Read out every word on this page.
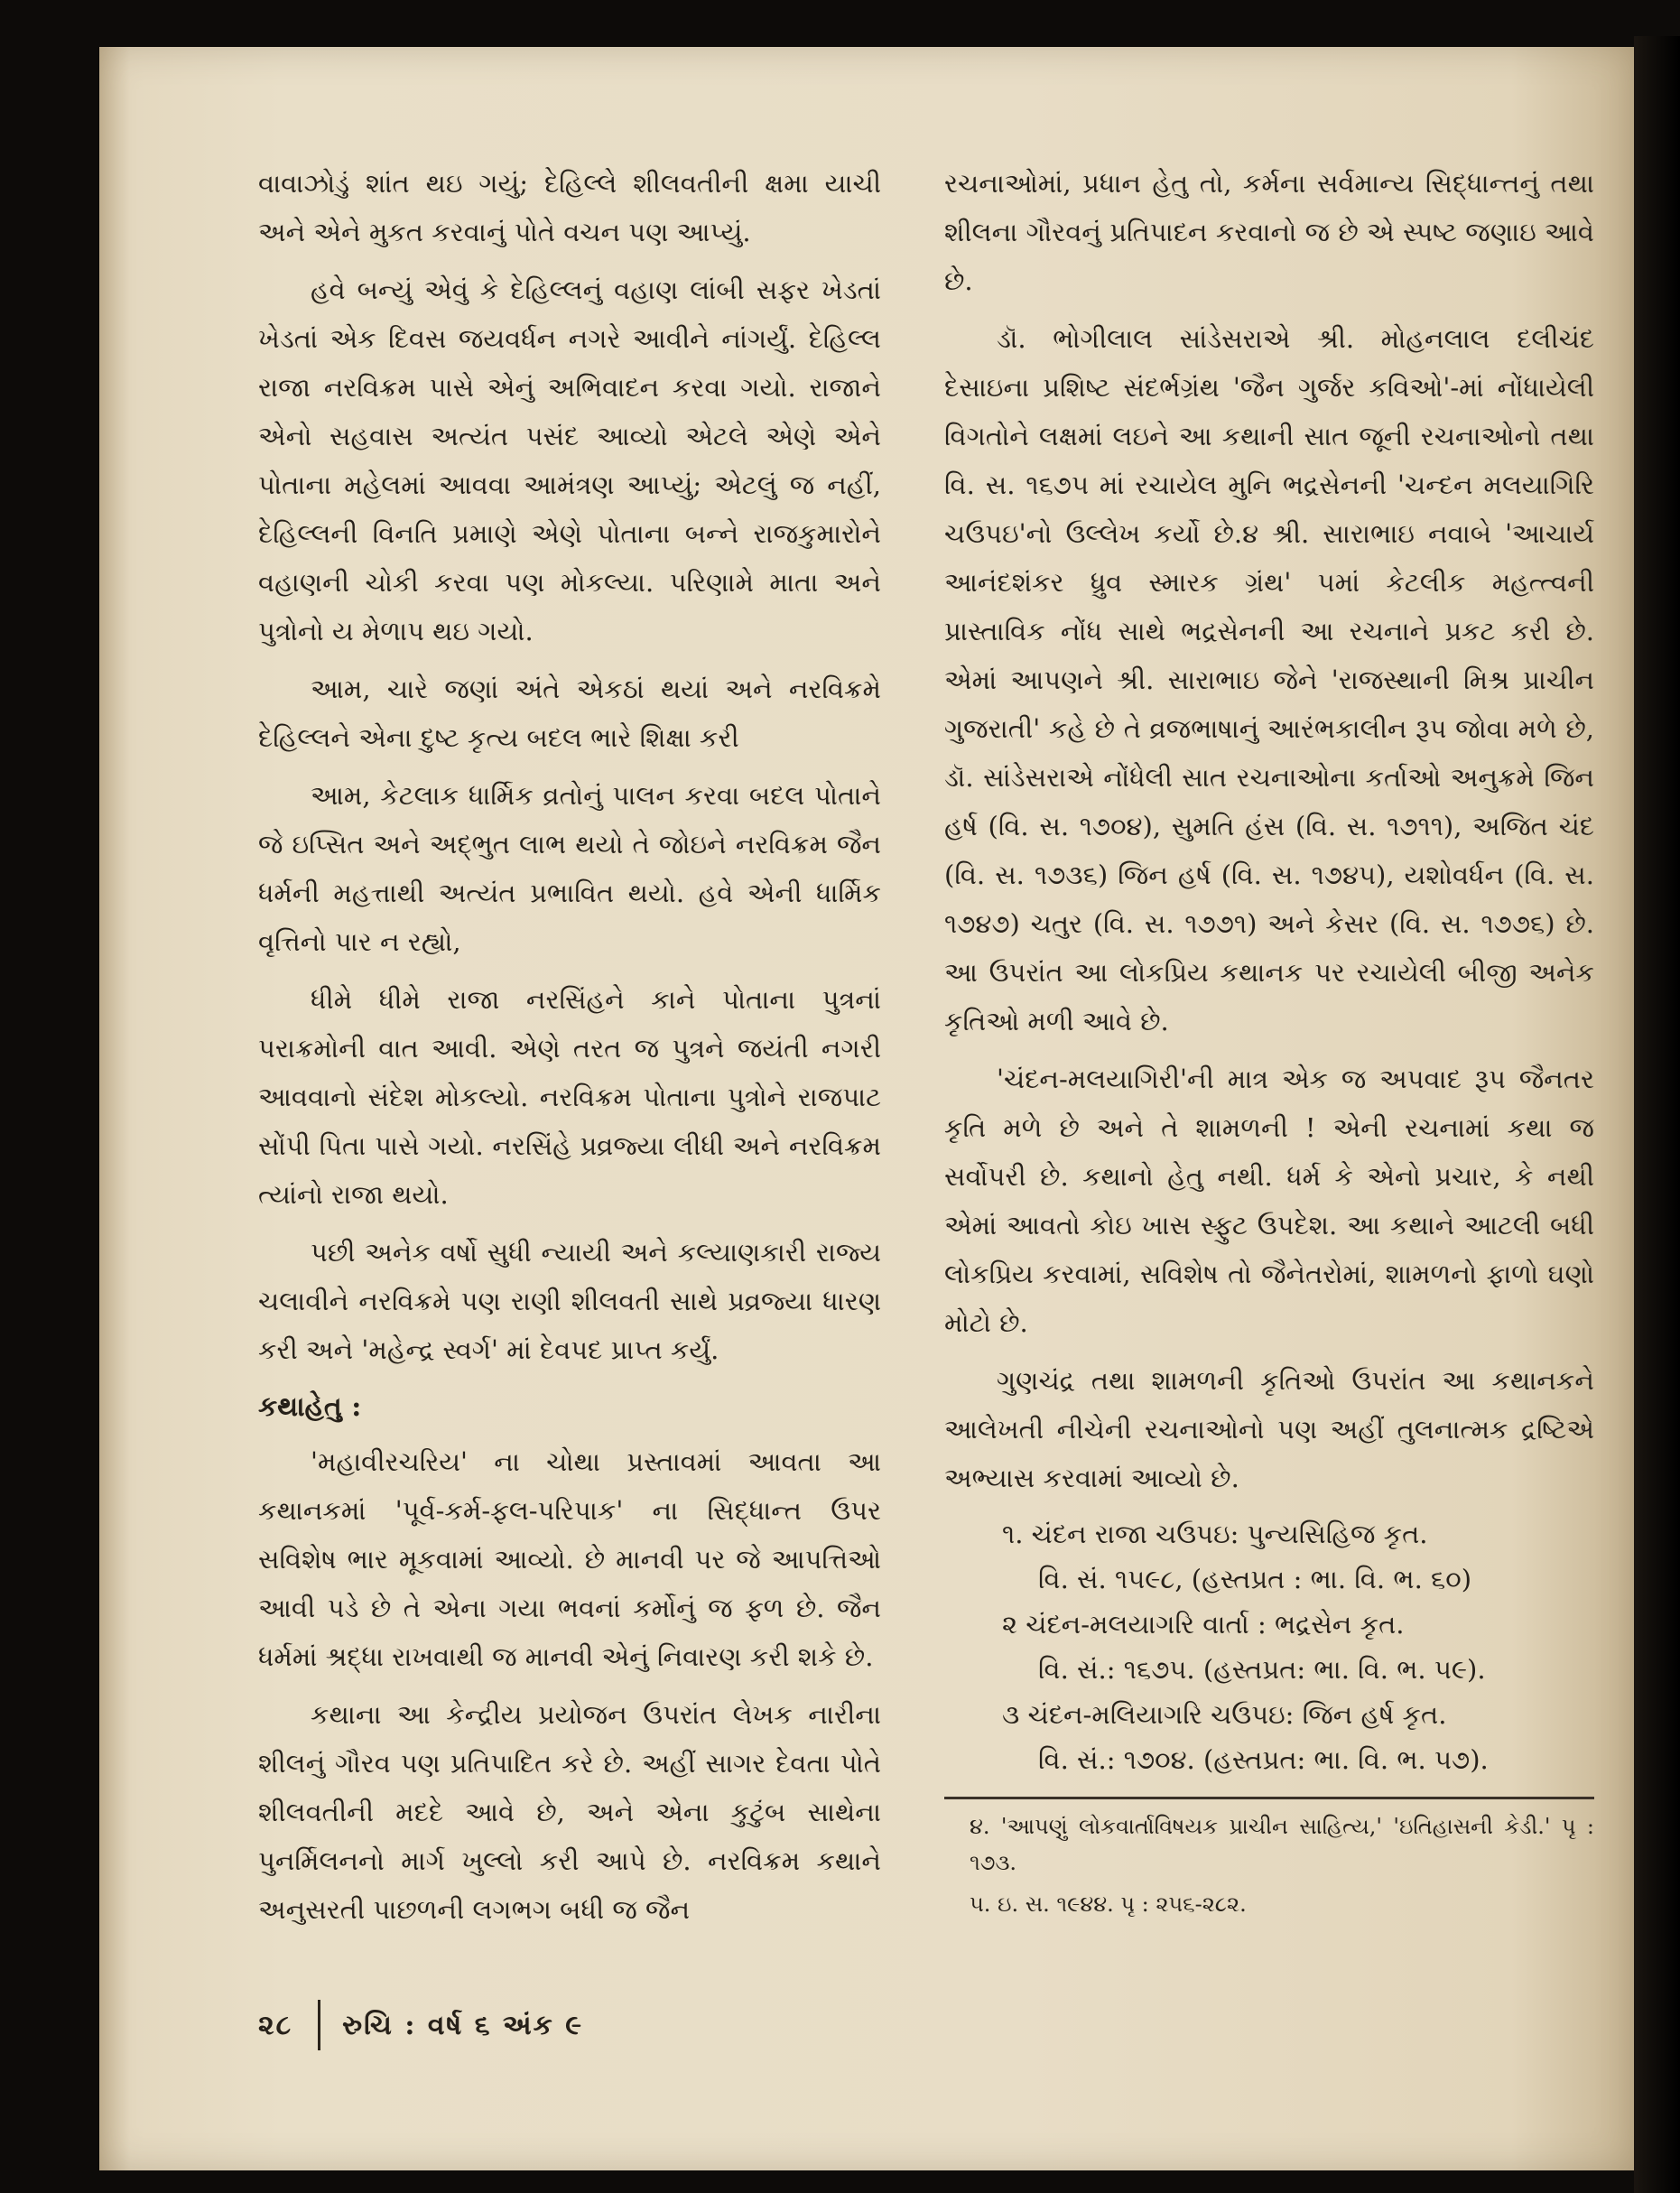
વાવાઝોડું શાંત થઇ ગયું; દેહિલ્લે શીલવતીની ક્ષમા યાચી અને એને મુકત કરવાનું પોતે વચન પણ આપ્યું.

હવે બન્યું એવું કે દેહિલ્લનું વહાણ લાંબી સફર ખેડતાં ખેડતાં એક દિવસ જયવર્ધન નગરે આવીને નાંગર્યું. દેહિલ્લ રાજા નરવિક્રમ પાસે એનું અભિવાદન કરવા ગયો. રાજાને એનો સહવાસ અત્યંત પસંદ આવ્યો એટલે એણે એને પોતાના મહેલમાં આવવા આમંત્રણ આપ્યું; એટલું જ નહીં, દેહિલ્લની વિનતિ પ્રમાણે એણે પોતાના બન્ને રાજકુમારોને વહાણની ચોકી કરવા પણ મોકલ્યા. પરિણામે માતા અને પુત્રોનો ય મેળાપ થઇ ગયો.

આમ, ચારે જણાં અંતે એકઠાં થયાં અને નરવિક્રમે દેહિલ્લને એના દુષ્ટ કૃત્ય બદલ ભારે શિક્ષા કરી

આમ, કેટલાક ધાર્મિક વ્રતોનું પાલન કરવા બદલ પોતાને જે ઇપ્સિત અને અદ્ભુત લાભ થયો તે જોઇને નરવિક્રમ જૈન ધર્મની મહત્તાથી અત્યંત પ્રભાવિત થયો. હવે એની ધાર્મિક વૃત્તિનો પાર ન રહ્યો,

ધીમે ધીમે રાજા નરસિંહને કાને પોતાના પુત્રનાં પરાક્રમોની વાત આવી. એણે તરત જ પુત્રને જયંતી નગરી આવવાનો સંદેશ મોકલ્યો. નરવિક્રમ પોતાના પુત્રોને રાજપાટ સોંપી પિતા પાસે ગયો. નરસિંહે પ્રવ્રજ્યા લીધી અને નરવિક્રમ ત્યાંનો રાજા થયો.

પછી અનેક વર્ષો સુધી ન્યાયી અને કલ્યાણકારી રાજ્ય ચલાવીને નરવિક્રમે પણ રાણી શીલવતી સાથે પ્રવ્રજ્યા ધારણ કરી અને 'મહેન્દ્ર સ્વર્ગ' માં દેવપદ પ્રાપ્ત કર્યું.

કથાહેતુ :

'મહાવીરચરિય' ના ચોથા પ્રસ્તાવમાં આવતા આ કથાનકમાં 'પૂર્વ-કર્મ-ફલ-પરિપાક' ના સિદ્ધાન્ત ઉપર સવિશેષ ભાર મૂકવામાં આવ્યો. છે માનવી પર જે આપત્તિઓ આવી પડે છે તે એના ગયા ભવનાં કર્મોનું જ ફળ છે. જૈન ધર્મમાં શ્રદ્ધા રાખવાથી જ માનવી એનું નિવારણ કરી શકે છે.

કથાના આ કેન્દ્રીય પ્રયોજન ઉપરાંત લેખક નારીના શીલનું ગૌરવ પણ પ્રતિપાદિત કરે છે. અહીં સાગર દેવતા પોતે શીલવતીની મદદે આવે છે, અને એના કુટુંબ સાથેના પુનર્મિલનનો માર્ગ ખુલ્લો કરી આપે છે. નરવિક્રમ કથાને અનુસરતી પાછળની લગભગ બધી જ જૈન

રચનાઓમાં, પ્રધાન હેતુ તો, કર્મના સર્વમાન્ય સિદ્ધાન્તનું તથા શીલના ગૌરવનું પ્રતિપાદન કરવાનો જ છે એ સ્પષ્ટ જણાઇ આવે છે.

ડૉ. ભોગીલાલ સાંડેસરાએ શ્રી. મોહનલાલ દલીચંદ દેસાઇના પ્રશિષ્ટ સંદર્ભગ્રંથ 'જૈન ગુર્જર કવિઓ'-માં નોંધાયેલી વિગતોને લક્ષમાં લઇને આ કથાની સાત જૂની રચનાઓનો તથા વિ. સ. ૧૬૭૫ માં રચાયેલ મુનિ ભદ્રસેનની 'ચન્દન મલયાગિરિ ચઉપઇ'નો ઉલ્લેખ કર્યો છે.૪ શ્રી. સારાભાઇ નવાબે 'આચાર્ય આનંદશંકર ધ્રુવ સ્મારક ગ્રંથ' ૫માં કેટલીક મહત્ત્વની પ્રાસ્તાવિક નોંધ સાથે ભદ્રસેનની આ રચનાને પ્રકટ કરી છે. એમાં આપણને શ્રી. સારાભાઇ જેને 'રાજસ્થાની મિશ્ર પ્રાચીન ગુજરાતી' કહે છે તે વ્રજભાષાનું આરંભકાલીન રૂપ જોવા મળે છે, ડૉ. સાંડેસરાએ નોંધેલી સાત રચનાઓના કર્તાઓ અનુક્રમે જિન હર્ષ (વિ. સ. ૧૭૦૪), સુમતિ હંસ (વિ. સ. ૧૭૧૧), અજિત ચંદ (વિ. સ. ૧૭૩૬) જિન હર્ષ (વિ. સ. ૧૭૪૫), યશોવર્ધન (વિ. સ. ૧૭૪૭) ચતુર (વિ. સ. ૧૭૭૧) અને કેસર (વિ. સ. ૧૭૭૬) છે. આ ઉપરાંત આ લોકપ્રિય કથાનક પર રચાયેલી બીજી અનેક કૃતિઓ મળી આવે છે.

'ચંદન-મલયાગિરી'ની માત્ર એક જ અપવાદ રૂપ જૈનતર કૃતિ મળે છે અને તે શામળની ! એની રચનામાં કથા જ સર્વોપરી છે. કથાનો હેતુ નથી. ધર્મ કે એનો પ્રચાર, કે નથી એમાં આવતો કોઇ ખાસ સ્ફુટ ઉપદેશ. આ કથાને આટલી બધી લોકપ્રિય કરવામાં, સવિશેષ તો જૈનેતરોમાં, શામળનો ફાળો ઘણો મોટો છે.

ગુણચંદ્ર તથા શામળની કૃતિઓ ઉપરાંત આ કથાનકને આલેખતી નીચેની રચનાઓનો પણ અહીં તુલનાત્મક દ્રષ્ટિએ અભ્યાસ કરવામાં આવ્યો છે.

૧. ચંદન રાજા ચઉપઇ: પુન્યસિહિજ કૃત.
વિ. સં. ૧૫૯૮, (હસ્તપ્રત : ભા. વિ. ભ. ૬૦)
૨ ચંદન-મલયાગરિ વાર્તા : ભદ્રસેન કૃત.
વિ. સં.: ૧૬૭૫. (હસ્તપ્રત: ભા. વિ. ભ. ૫૯).
૩ ચંદન-મલિયાગરિ ચઉપઇ: જિન હર્ષ કૃત.
વિ. સં.: ૧૭૦૪. (હસ્તપ્રત: ભા. વિ. ભ. ૫૭).
૪. 'આપણું લોકવાર્તાવિષયક પ્રાચીન સાહિત્ય,' 'ઇતિહાસની કેડી.' પૃ : ૧૭૩.
૫. ઇ. સ. ૧૯૪૪. પૃ : ૨૫૬-૨૮૨.
૨૮ રુચિ : વર્ષ ૬ અંક ૯
